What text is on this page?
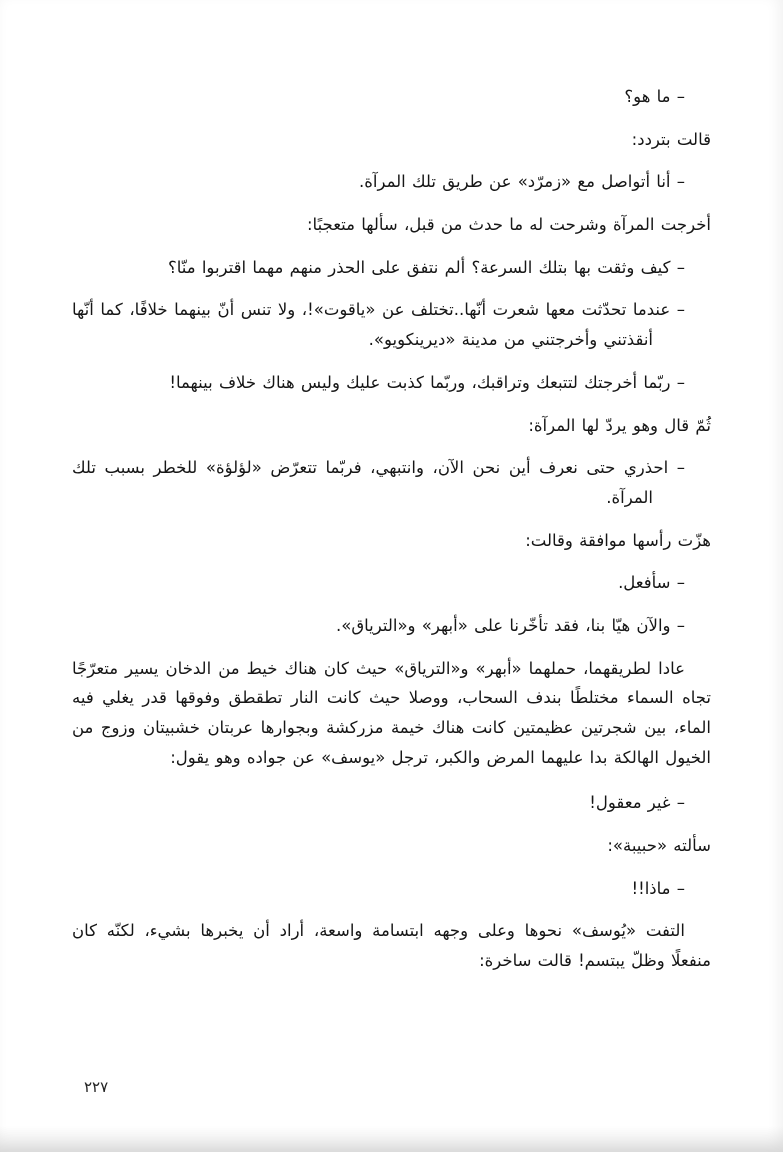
– ما هو؟

قالت بتردد:

– أنا أتواصل مع «زمرّد» عن طريق تلك المرآة.

أخرجت المرآة وشرحت له ما حدث من قبل، سألها متعجبًا:

– كيف وثقت بها بتلك السرعة؟ ألم نتفق على الحذر منهم مهما اقتربوا منّا؟

– عندما تحدّثت معها شعرت أنّها..تختلف عن «ياقوت»!، ولا تنس أنّ بينهما خلافًا، كما أنّها أنقذتني وأخرجتني من مدينة «ديرينكويو».

– ربّما أخرجتك لتتبعك وتراقبك، وربّما كذبت عليك وليس هناك خلاف بينهما!

ثُمّ قال وهو يردّ لها المرآة:

– احذري حتى نعرف أين نحن الآن، وانتبهي، فربّما تتعرّض «لؤلؤة» للخطر بسبب تلك المرآة.

هزّت رأسها موافقة وقالت:

– سأفعل.

– والآن هيّا بنا، فقد تأخّرنا على «أبهر» و«الترياق».

عادا لطريقهما، حملهما «أبهر» و«الترياق» حيث كان هناك خيط من الدخان يسير متعرّجًا تجاه السماء مختلطًا بندف السحاب، ووصلا حيث كانت النار تطقطق وفوقها قدر يغلي فيه الماء، بين شجرتين عظيمتين كانت هناك خيمة مزركشة وبجوارها عربتان خشبيتان وزوج من الخيول الهالكة بدا عليهما المرض والكبر، ترجل «يوسف» عن جواده وهو يقول:

– غير معقول!

سألته «حبيبة»:

– ماذا!!

التفت «يُوسف» نحوها وعلى وجهه ابتسامة واسعة، أراد أن يخبرها بشيء، لكنّه كان منفعلًا وظلّ يبتسم! قالت ساخرة:

٢٢٧
